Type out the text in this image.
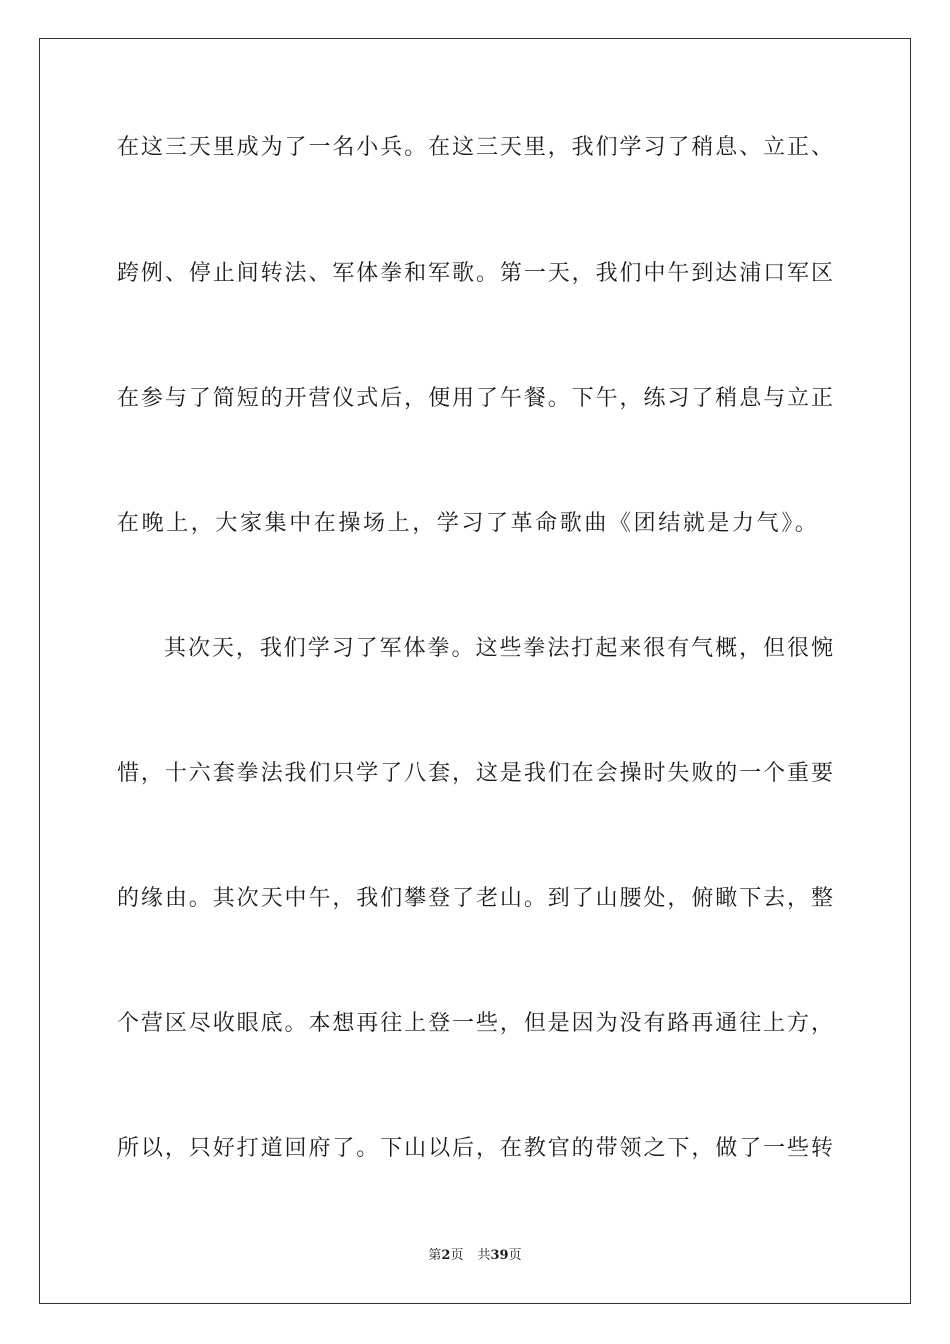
在这三天里成为了一名小兵。在这三天里，我们学习了稍息、立正、
跨例、停止间转法、军体拳和军歌。第一天，我们中午到达浦口军区
在参与了简短的开营仪式后，便用了午餐。下午，练习了稍息与立正
在晚上，大家集中在操场上，学习了革命歌曲《团结就是力气》。
其次天，我们学习了军体拳。这些拳法打起来很有气概，但很惋
惜，十六套拳法我们只学了八套，这是我们在会操时失败的一个重要
的缘由。其次天中午，我们攀登了老山。到了山腰处，俯瞰下去，整
个营区尽收眼底。本想再往上登一些，但是因为没有路再通往上方，
所以，只好打道回府了。下山以后，在教官的带领之下，做了一些转
第2页 共39页
